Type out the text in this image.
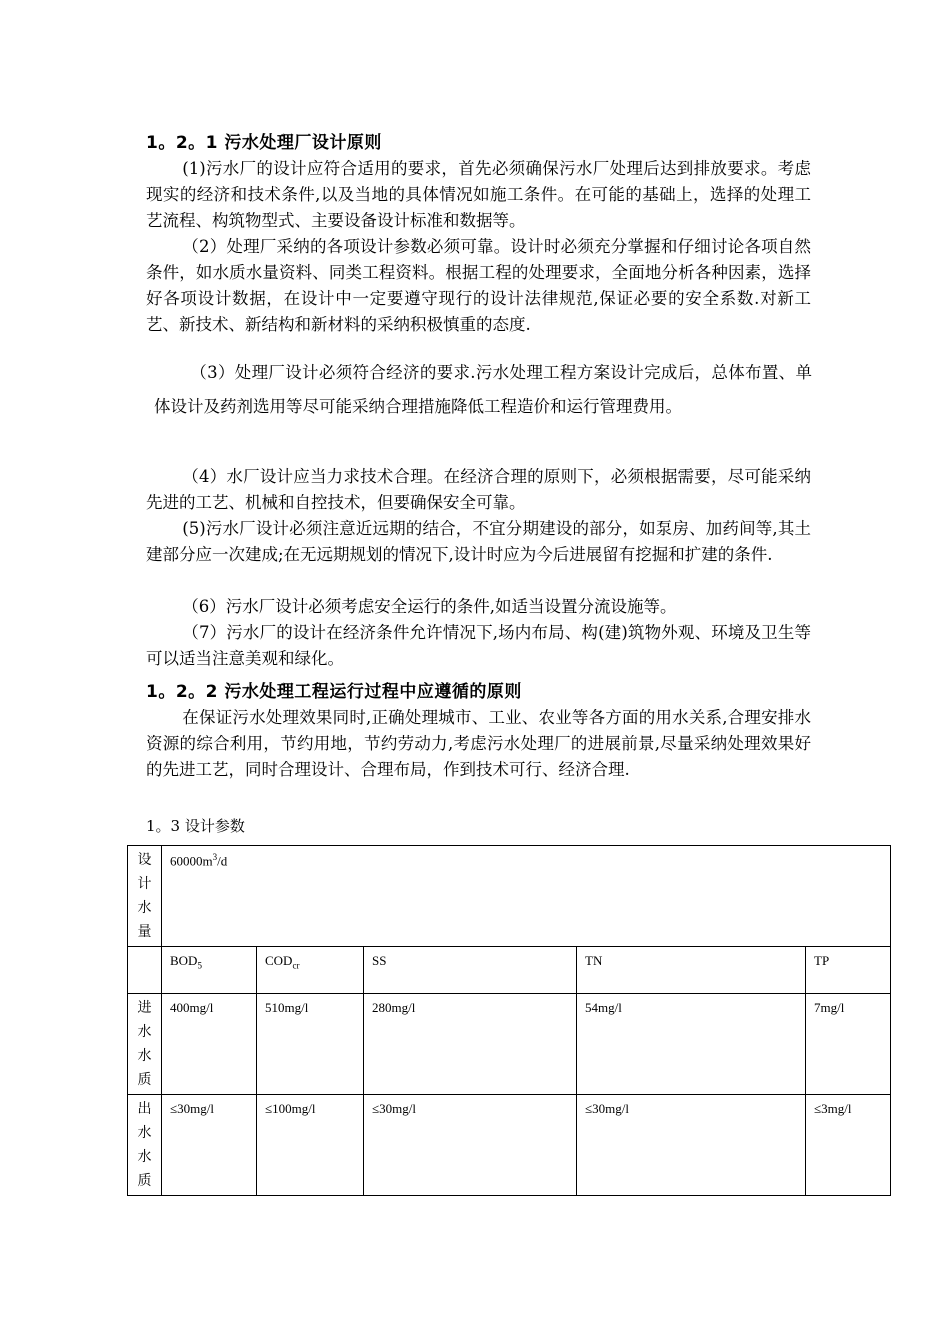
1。2。1 污水处理厂设计原则

(1)污水厂的设计应符合适用的要求，首先必须确保污水厂处理后达到排放要求。考虑现实的经济和技术条件,以及当地的具体情况如施工条件。在可能的基础上，选择的处理工艺流程、构筑物型式、主要设备设计标准和数据等。

（2）处理厂采纳的各项设计参数必须可靠。设计时必须充分掌握和仔细讨论各项自然条件，如水质水量资料、同类工程资料。根据工程的处理要求，全面地分析各种因素，选择好各项设计数据，在设计中一定要遵守现行的设计法律规范,保证必要的安全系数.对新工艺、新技术、新结构和新材料的采纳积极慎重的态度.

（3）处理厂设计必须符合经济的要求.污水处理工程方案设计完成后，总体布置、单体设计及药剂选用等尽可能采纳合理措施降低工程造价和运行管理费用。

（4）水厂设计应当力求技术合理。在经济合理的原则下，必须根据需要，尽可能采纳先进的工艺、机械和自控技术，但要确保安全可靠。

(5)污水厂设计必须注意近远期的结合，不宜分期建设的部分，如泵房、加药间等,其土建部分应一次建成;在无远期规划的情况下,设计时应为今后进展留有挖掘和扩建的条件.

（6）污水厂设计必须考虑安全运行的条件,如适当设置分流设施等。

（7）污水厂的设计在经济条件允许情况下,场内布局、构(建)筑物外观、环境及卫生等可以适当注意美观和绿化。

1。2。2 污水处理工程运行过程中应遵循的原则

在保证污水处理效果同时,正确处理城市、工业、农业等各方面的用水关系,合理安排水资源的综合利用，节约用地，节约劳动力,考虑污水处理厂的进展前景,尽量采纳处理效果好的先进工艺，同时合理设计、合理布局，作到技术可行、经济合理.

1。3 设计参数
设计水量	$60000m^3/d$				
	$BOD_5$	$COD_{cr}$	SS	TN	TP

进水水质	400mg/l	510mg/l	280mg/l	54mg/l	7mg/l

出水水质	≤30mg/l	≤100mg/l	≤30mg/l	≤30mg/l	≤3mg/l
